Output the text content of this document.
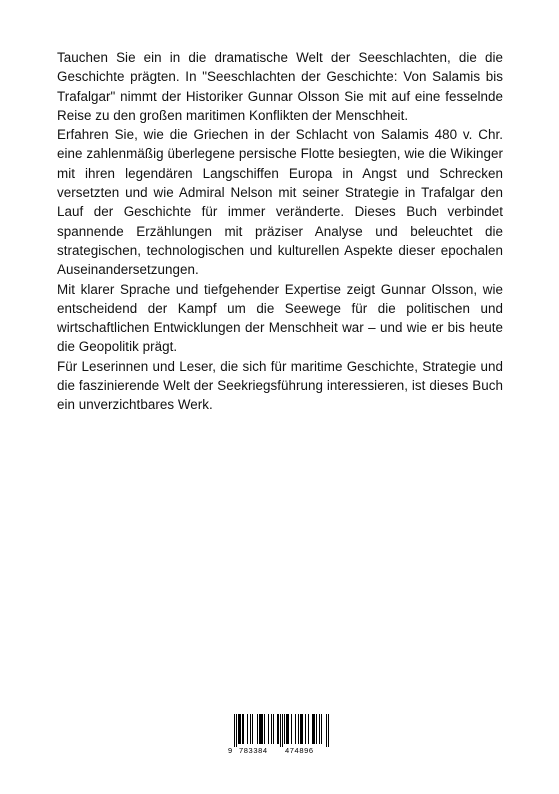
Tauchen Sie ein in die dramatische Welt der Seeschlachten, die die Geschichte prägten. In "Seeschlachten der Geschichte: Von Salamis bis Trafalgar" nimmt der Historiker Gunnar Olsson Sie mit auf eine fesselnde Reise zu den großen maritimen Konflikten der Menschheit.

Erfahren Sie, wie die Griechen in der Schlacht von Salamis 480 v. Chr. eine zahlenmäßig überlegene persische Flotte besiegten, wie die Wikinger mit ihren legendären Langschiffen Europa in Angst und Schrecken versetzten und wie Admiral Nelson mit seiner Strategie in Trafalgar den Lauf der Geschichte für immer veränderte. Dieses Buch verbindet spannende Erzählungen mit präziser Analyse und beleuchtet die strategischen, technologischen und kulturellen Aspekte dieser epochalen Auseinandersetzungen.

Mit klarer Sprache und tiefgehender Expertise zeigt Gunnar Olsson, wie entscheidend der Kampf um die Seewege für die politischen und wirtschaftlichen Entwicklungen der Menschheit war – und wie er bis heute die Geopolitik prägt.

Für Leserinnen und Leser, die sich für maritime Geschichte, Strategie und die faszinierende Welt der Seekriegsführung interessieren, ist dieses Buch ein unverzichtbares Werk.

9 783384 474896
